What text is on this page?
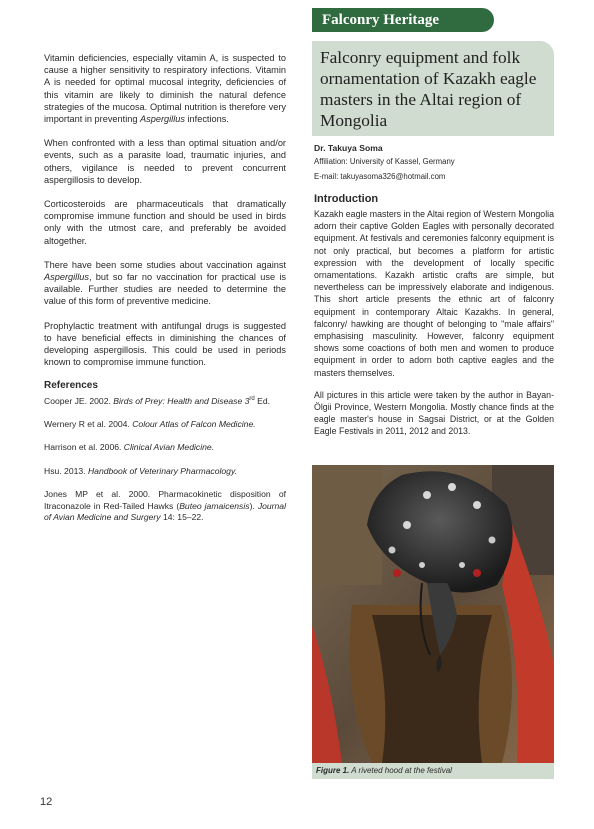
Vitamin deficiencies, especially vitamin A, is suspected to cause a higher sensitivity to respiratory infections. Vitamin A is needed for optimal mucosal integrity, deficiencies of this vitamin are likely to diminish the natural defence strategies of the mucosa. Optimal nutrition is therefore very important in preventing Aspergillus infections.

When confronted with a less than optimal situation and/or events, such as a parasite load, traumatic injuries, and others, vigilance is needed to prevent concurrent aspergillosis to develop.

Corticosteroids are pharmaceuticals that dramatically compromise immune function and should be used in birds only with the utmost care, and preferably be avoided altogether.

There have been some studies about vaccination against Aspergillus, but so far no vaccination for practical use is available. Further studies are needed to determine the value of this form of preventive medicine.

Prophylactic treatment with antifungal drugs is suggested to have beneficial effects in diminishing the chances of developing aspergillosis. This could be used in periods known to compromise immune function.

References

Cooper JE. 2002. Birds of Prey: Health and Disease 3rd Ed.

Wernery R et al. 2004. Colour Atlas of Falcon Medicine.

Harrison et al. 2006. Clinical Avian Medicine.

Hsu. 2013. Handbook of Veterinary Pharmacology.

Jones MP et al. 2000. Pharmacokinetic disposition of Itraconazole in Red-Tailed Hawks (Buteo jamaicensis). Journal of Avian Medicine and Surgery 14: 15–22.

Falconry Heritage
Falconry equipment and folk ornamentation of Kazakh eagle masters in the Altai region of Mongolia
Dr. Takuya Soma
Affiliation: University of Kassel, Germany
E-mail: takuyasoma326@hotmail.com
Introduction

Kazakh eagle masters in the Altai region of Western Mongolia adorn their captive Golden Eagles with personally decorated equipment. At festivals and ceremonies falconry equipment is not only practical, but becomes a platform for artistic expression with the development of locally specific ornamentations. Kazakh artistic crafts are simple, but nevertheless can be impressively elaborate and indigenous. This short article presents the ethnic art of falconry equipment in contemporary Altaic Kazakhs. In general, falconry/ hawking are thought of belonging to "male affairs" emphasising masculinity. However, falconry equipment shows some coactions of both men and women to produce equipment in order to adorn both captive eagles and the masters themselves.

All pictures in this article were taken by the author in Bayan-Ölgii Province, Western Mongolia. Mostly chance finds at the eagle master's house in Sagsai District, or at the Golden Eagle Festivals in 2011, 2012 and 2013.

Figure 1. A riveted hood at the festival
12
